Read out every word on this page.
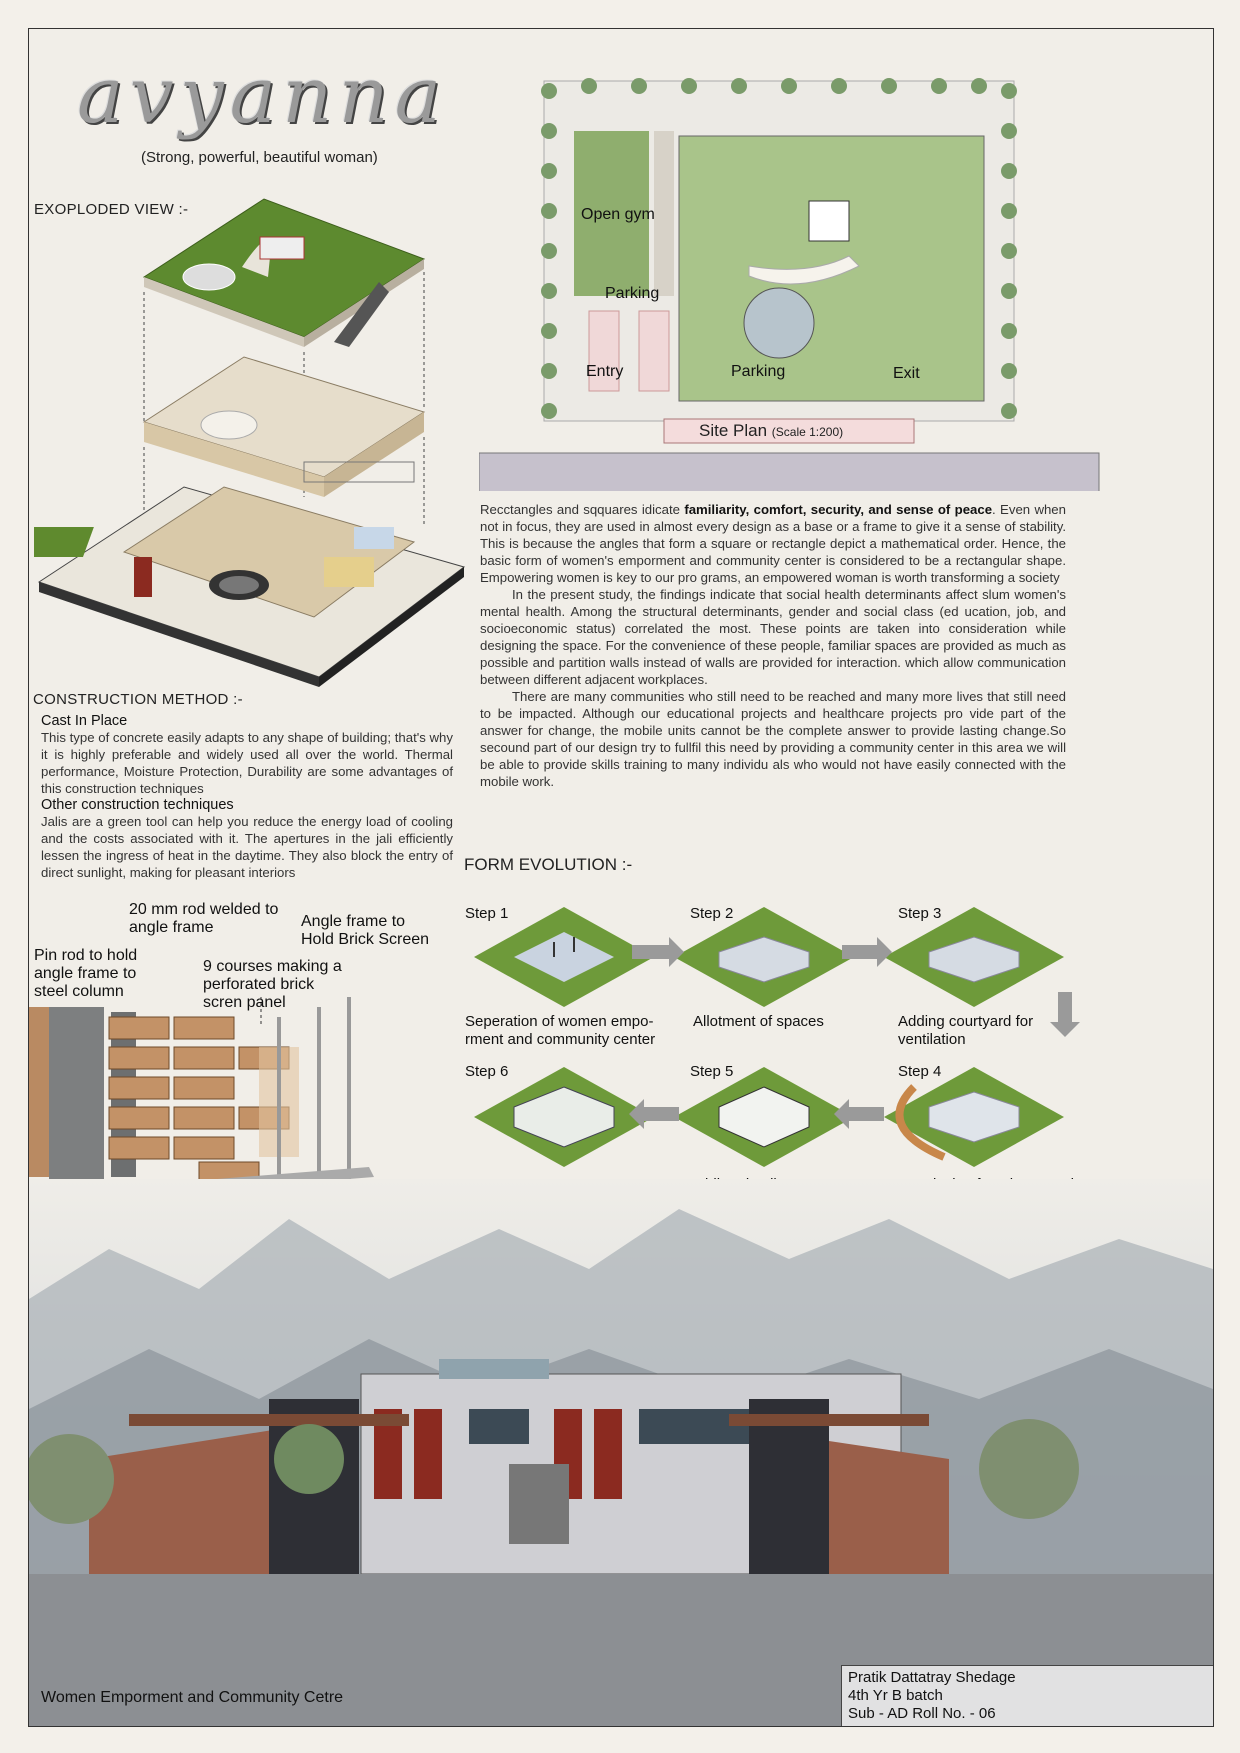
avyanna
(Strong, powerful, beautiful woman)
EXOPLODED VIEW :-	Open gym
Parking
Entry	Parking	Exit
Site Plan (Scale 1:200)
Recctangles and sqquares idicate familiarity, comfort, security, and sense of peace. Even when not in focus, they are used in almost every design as a base or a frame to give it a sense of stability. This is because the angles that form a square or rectangle depict a mathematical order. Hence, the basic form of women's emporment and community center is considered to be a rectangular shape. Empowering women is key to our pro grams, an empowered woman is worth transforming a society
In the present study, the findings indicate that social health determinants affect slum women's mental health. Among the structural determinants, gender and social class (ed ucation, job, and socioeconomic status) correlated the most. These points are taken into consideration while designing the space. For the convenience of these people, familiar spaces are provided as much as possible and partition walls instead of walls are provided for interaction. which allow communication between different adjacent workplaces.
There are many communities who still need to be reached and many more lives that still need to be impacted. Although our educational projects and healthcare projects pro vide part of the answer for change, the mobile units cannot be the complete answer to provide lasting change.So secound part of our design try to fullfil this need by providing a community center in this area we will be able to provide skills training to many individu als who would not have easily connected with the mobile work.
CONSTRUCTION METHOD :-
Cast In Place
This type of concrete easily adapts to any shape of building; that's why it is highly preferable and widely used all over the world. Thermal performance, Moisture Protection, Durability are some advantages of this construction techniques
Other construction techniques
Jalis are a green tool can help you reduce the energy load of cooling and the costs associated with it. The apertures in the jali efficiently lessen the ingress of heat in the daytime. They also block the entry of direct sunlight, making for pleasant interiors
20 mm rod welded to angle frame	Angle frame to Hold Brick Screen
Pin rod to hold angle frame to steel column
9 courses making a perforated brick scren panel
FORM EVOLUTION :-
Step 1	Step 2	Step 3
Step 6	Step 5	Step 4
Seperation of women empo- rment and community center
Allotment of spaces	Adding courtyard for ventilation
Women Emporment and Community Cetre
Pratik Dattatray Shedage
4th Yr B batch
Sub - AD Roll No. - 06
